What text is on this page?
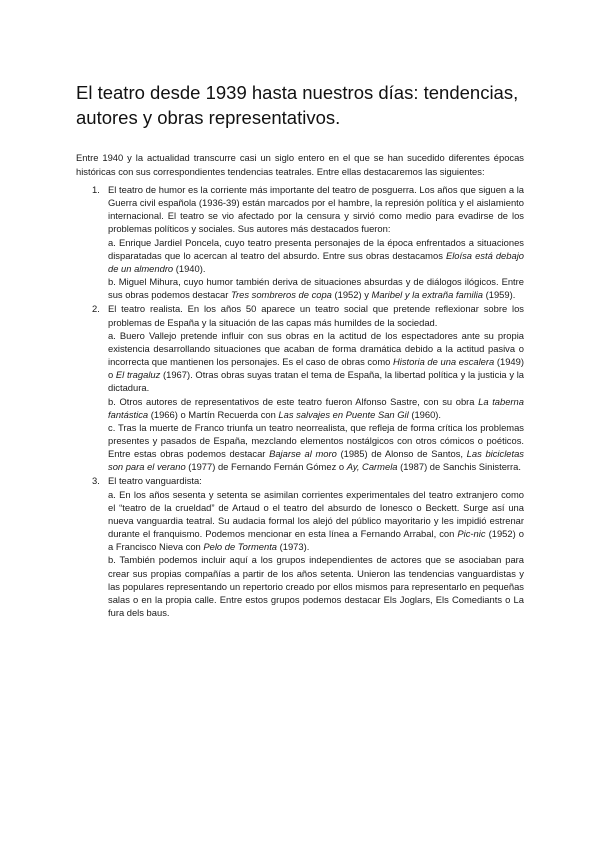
El teatro desde 1939 hasta nuestros días: tendencias, autores y obras representativos.

Entre 1940 y la actualidad transcurre casi un siglo entero en el que se han sucedido diferentes épocas históricas con sus correspondientes tendencias teatrales. Entre ellas destacaremos las siguientes:

1. El teatro de humor es la corriente más importante del teatro de posguerra. Los años que siguen a la Guerra civil española (1936-39) están marcados por el hambre, la represión política y el aislamiento internacional. El teatro se vio afectado por la censura y sirvió como medio para evadirse de los problemas políticos y sociales. Sus autores más destacados fueron:

a. Enrique Jardiel Poncela, cuyo teatro presenta personajes de la época enfrentados a situaciones disparatadas que lo acercan al teatro del absurdo. Entre sus obras destacamos Eloísa está debajo de un almendro (1940).

b. Miguel Mihura, cuyo humor también deriva de situaciones absurdas y de diálogos ilógicos. Entre sus obras podemos destacar Tres sombreros de copa (1952) y Maribel y la extraña familia (1959).

2. El teatro realista. En los años 50 aparece un teatro social que pretende reflexionar sobre los problemas de España y la situación de las capas más humildes de la sociedad.

a. Buero Vallejo pretende influir con sus obras en la actitud de los espectadores ante su propia existencia desarrollando situaciones que acaban de forma dramática debido a la actitud pasiva o incorrecta que mantienen los personajes. Es el caso de obras como Historia de una escalera (1949) o El tragaluz (1967). Otras obras suyas tratan el tema de España, la libertad política y la justicia y la dictadura.

b. Otros autores de representativos de este teatro fueron Alfonso Sastre, con su obra La taberna fantástica (1966) o Martín Recuerda con Las salvajes en Puente San Gil (1960).

c. Tras la muerte de Franco triunfa un teatro neorrealista, que refleja de forma crítica los problemas presentes y pasados de España, mezclando elementos nostálgicos con otros cómicos o poéticos. Entre estas obras podemos destacar Bajarse al moro (1985) de Alonso de Santos, Las bicicletas son para el verano (1977) de Fernando Fernán Gómez o Ay, Carmela (1987) de Sanchis Sinisterra.

3. El teatro vanguardista:

a. En los años sesenta y setenta se asimilan corrientes experimentales del teatro extranjero como el “teatro de la crueldad” de Artaud o el teatro del absurdo de Ionesco o Beckett. Surge así una nueva vanguardia teatral. Su audacia formal los alejó del público mayoritario y les impidió estrenar durante el franquismo. Podemos mencionar en esta línea a Fernando Arrabal, con Pic-nic (1952) o a Francisco Nieva con Pelo de Tormenta (1973).

b. También podemos incluir aquí a los grupos independientes de actores que se asociaban para crear sus propias compañías a partir de los años setenta. Unieron las tendencias vanguardistas y las populares representando un repertorio creado por ellos mismos para representarlo en pequeñas salas o en la propia calle. Entre estos grupos podemos destacar Els Joglars, Els Comediants o La fura dels baus.
